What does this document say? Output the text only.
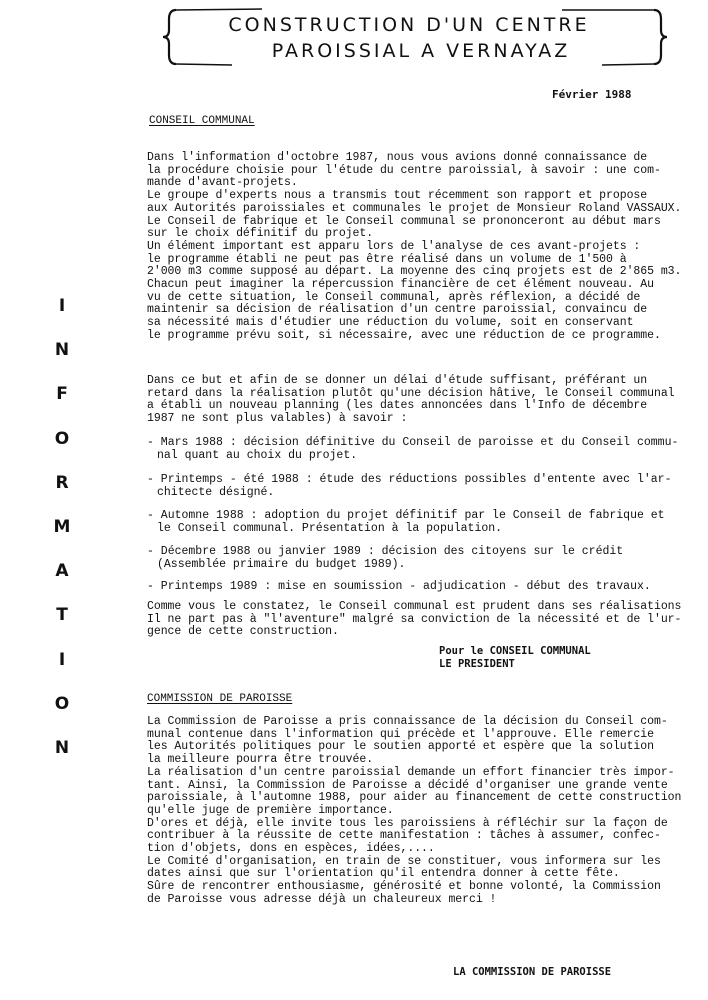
CONSTRUCTION D'UN CENTRE
PAROISSIAL A VERNAYAZ
Février 1988
I
N
F
O
R
M
A
T
I
O
N
CONSEIL COMMUNAL
Dans l'information d'octobre 1987, nous vous avions donné connaissance de
la procédure choisie pour l'étude du centre paroissial, à savoir : une com-
mande d'avant-projets.
Le groupe d'experts nous a transmis tout récemment son rapport et propose
aux Autorités paroissiales et communales le projet de Monsieur Roland VASSAUX.
Le Conseil de fabrique et le Conseil communal se prononceront au début mars
sur le choix définitif du projet.
Un élément important est apparu lors de l'analyse de ces avant-projets :
le programme établi ne peut pas être réalisé dans un volume de 1'500 à
2'000 m3 comme supposé au départ. La moyenne des cinq projets est de 2'865 m3.
Chacun peut imaginer la répercussion financière de cet élément nouveau. Au
vu de cette situation, le Conseil communal, après réflexion, a décidé de
maintenir sa décision de réalisation d'un centre paroissial, convaincu de
sa nécessité mais d'étudier une réduction du volume, soit en conservant
le programme prévu soit, si nécessaire, avec une réduction de ce programme.
Dans ce but et afin de se donner un délai d'étude suffisant, préférant un
retard dans la réalisation plutôt qu'une décision hâtive, le Conseil communal
a établi un nouveau planning (les dates annoncées dans l'Info de décembre
1987 ne sont plus valables) à savoir :
- Mars 1988 : décision définitive du Conseil de paroisse et du Conseil commu-
nal quant au choix du projet.
- Printemps - été 1988 : étude des réductions possibles d'entente avec l'ar-
chitecte désigné.
- Automne 1988 : adoption du projet définitif par le Conseil de fabrique et
le Conseil communal. Présentation à la population.
- Décembre 1988 ou janvier 1989 : décision des citoyens sur le crédit
(Assemblée primaire du budget 1989).
- Printemps 1989 : mise en soumission - adjudication - début des travaux.
Comme vous le constatez, le Conseil communal est prudent dans ses réalisations
Il ne part pas à "l'aventure" malgré sa conviction de la nécessité et de l'ur-
gence de cette construction.
Pour le CONSEIL COMMUNAL
LE PRESIDENT
COMMISSION DE PAROISSE
La Commission de Paroisse a pris connaissance de la décision du Conseil com-
munal contenue dans l'information qui précède et l'approuve. Elle remercie
les Autorités politiques pour le soutien apporté et espère que la solution
la meilleure pourra être trouvée.
La réalisation d'un centre paroissial demande un effort financier très impor-
tant. Ainsi, la Commission de Paroisse a décidé d'organiser une grande vente
paroissiale, à l'automne 1988, pour aider au financement de cette construction
qu'elle juge de première importance.
D'ores et déjà, elle invite tous les paroissiens à réfléchir sur la façon de
contribuer à la réussite de cette manifestation : tâches à assumer, confec-
tion d'objets, dons en espèces, idées,....
Le Comité d'organisation, en train de se constituer, vous informera sur les
dates ainsi que sur l'orientation qu'il entendra donner à cette fête.
Sûre de rencontrer enthousiasme, générosité et bonne volonté, la Commission
de Paroisse vous adresse déjà un chaleureux merci !
LA COMMISSION DE PAROISSE
